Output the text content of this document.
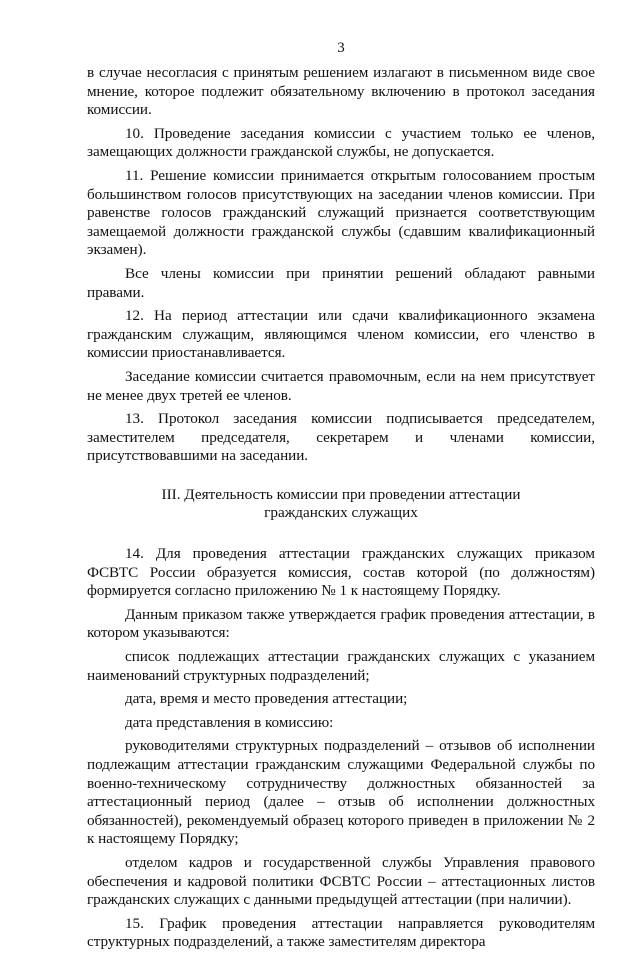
3

в случае несогласия с принятым решением излагают в письменном виде свое мнение, которое подлежит обязательному включению в протокол заседания комиссии.

10. Проведение заседания комиссии с участием только ее членов, замещающих должности гражданской службы, не допускается.

11. Решение комиссии принимается открытым голосованием простым большинством голосов присутствующих на заседании членов комиссии. При равенстве голосов гражданский служащий признается соответствующим замещаемой должности гражданской службы (сдавшим квалификационный экзамен).

Все члены комиссии при принятии решений обладают равными правами.

12. На период аттестации или сдачи квалификационного экзамена гражданским служащим, являющимся членом комиссии, его членство в комиссии приостанавливается.

Заседание комиссии считается правомочным, если на нем присутствует не менее двух третей ее членов.

13. Протокол заседания комиссии подписывается председателем, заместителем председателя, секретарем и членами комиссии, присутствовавшими на заседании.

III. Деятельность комиссии при проведении аттестации
гражданских служащих

14. Для проведения аттестации гражданских служащих приказом ФСВТС России образуется комиссия, состав которой (по должностям) формируется согласно приложению № 1 к настоящему Порядку.

Данным приказом также утверждается график проведения аттестации, в котором указываются:

список подлежащих аттестации гражданских служащих с указанием наименований структурных подразделений;

дата, время и место проведения аттестации;

дата представления в комиссию:

руководителями структурных подразделений – отзывов об исполнении подлежащим аттестации гражданским служащими Федеральной службы по военно-техническому сотрудничеству должностных обязанностей за аттестационный период (далее – отзыв об исполнении должностных обязанностей), рекомендуемый образец которого приведен в приложении № 2 к настоящему Порядку;

отделом кадров и государственной службы Управления правового обеспечения и кадровой политики ФСВТС России – аттестационных листов гражданских служащих с данными предыдущей аттестации (при наличии).

15. График проведения аттестации направляется руководителям структурных подразделений, а также заместителям директора
